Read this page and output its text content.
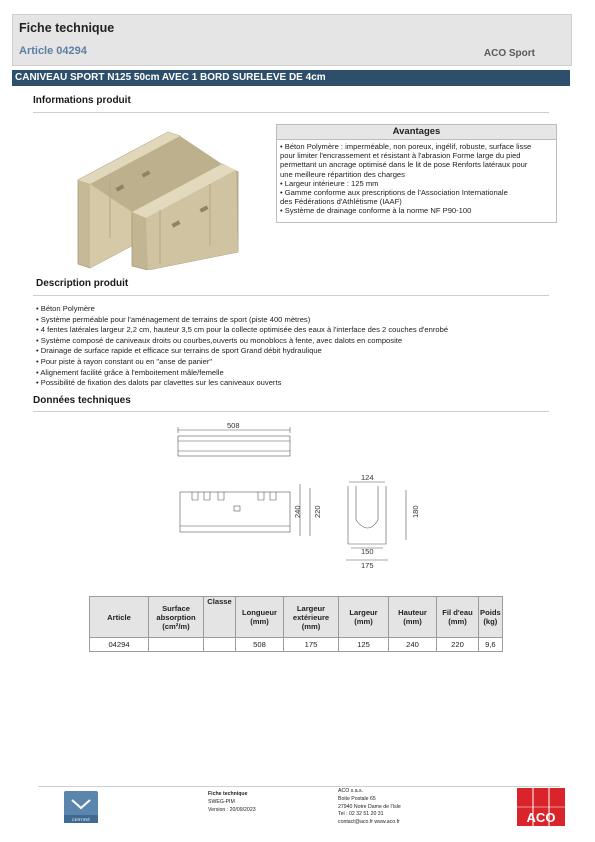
Fiche technique
Article 04294	ACO Sport
CANIVEAU SPORT N125 50cm AVEC 1 BORD SURELEVE DE 4cm
Informations produit
Avantages
• Béton Polymère : imperméable, non poreux, ingélif, robuste, surface lisse
pour limiter l'encrassement et résistant à l'abrasion Forme large du pied
permettant un ancrage optimisé dans le lit de pose Renforts latéraux pour
une meilleure répartition des charges
• Largeur intérieure : 125 mm
• Gamme conforme aux prescriptions de l'Association Internationale
des Fédérations d'Athlétisme (IAAF)
• Système de drainage conforme à la norme NF P90-100
Description produit
• Béton Polymère
• Système perméable pour l'aménagement de terrains de sport (piste 400 mètres)
• 4 fentes latérales largeur 2,2 cm, hauteur 3,5 cm pour la collecte optimisée des eaux à l'interface des 2 couches d'enrobé
• Système composé de caniveaux droits ou courbes,ouverts ou monoblocs à fente, avec dalots en composite
• Drainage de surface rapide et efficace sur terrains de sport Grand débit hydraulique
• Pour piste à rayon constant ou en "anse de panier"
• Alignement facilité grâce à l'emboitement mâle/femelle
• Possibilité de fixation des dalots par clavettes sur les caniveaux ouverts
Données techniques
508
240 220
124
180
150
175
Article	Surface absorption (cm²/m)	Classe	Longueur (mm)	Largeur extérieure (mm)	Largeur (mm)	Hauteur (mm)	Fil d'eau (mm)	Poids (kg)
04294			508	175	125	240	220	9,6
CERTIFIÉ
Fiche technique
SWEG-PIM
Version : 20/09/2023
ACO s.a.s.
Boite Postale 65
27940 Notre Dame de l'Isle
Tel : 02 32 51 20 31
contact@aco.fr www.aco.fr	ACO
